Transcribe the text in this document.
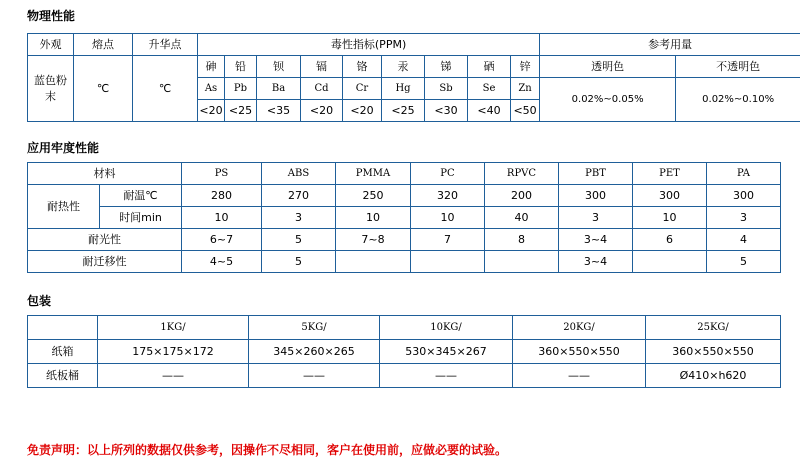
物理性能
外观	熔点	升华点	毒性指标(PPM)									参考用量	
蓝色粉末	℃	℃	砷	铅	钡	镉	铬	汞	锑	硒	锌	透明色	不透明色
			As	Pb	Ba	Cd	Cr	Hg	Sb	Se	Zn	0.02%~0.05%	0.02%~0.10%
			<20	<25	<35	<20	<20	<25	<30	<40	<50		
应用牢度性能
材料		PS	ABS	PMMA	PC	RPVC	PBT	PET	PA
耐热性	耐温℃	280	270	250	320	200	300	300	300
	时间min	10	3	10	10	40	3	10	3
耐光性		6~7	5	7~8	7	8	3~4	6	4
耐迁移性		4~5	5				3~4		5
包装
	1KG/	5KG/	10KG/	20KG/	25KG/
纸箱	175×175×172	345×260×265	530×345×267	360×550×550	360×550×550
纸板桶	——	——	——	——	Ø410×h620
免责声明：以上所列的数据仅供参考，因操作不尽相同，客户在使用前，应做必要的试验。
